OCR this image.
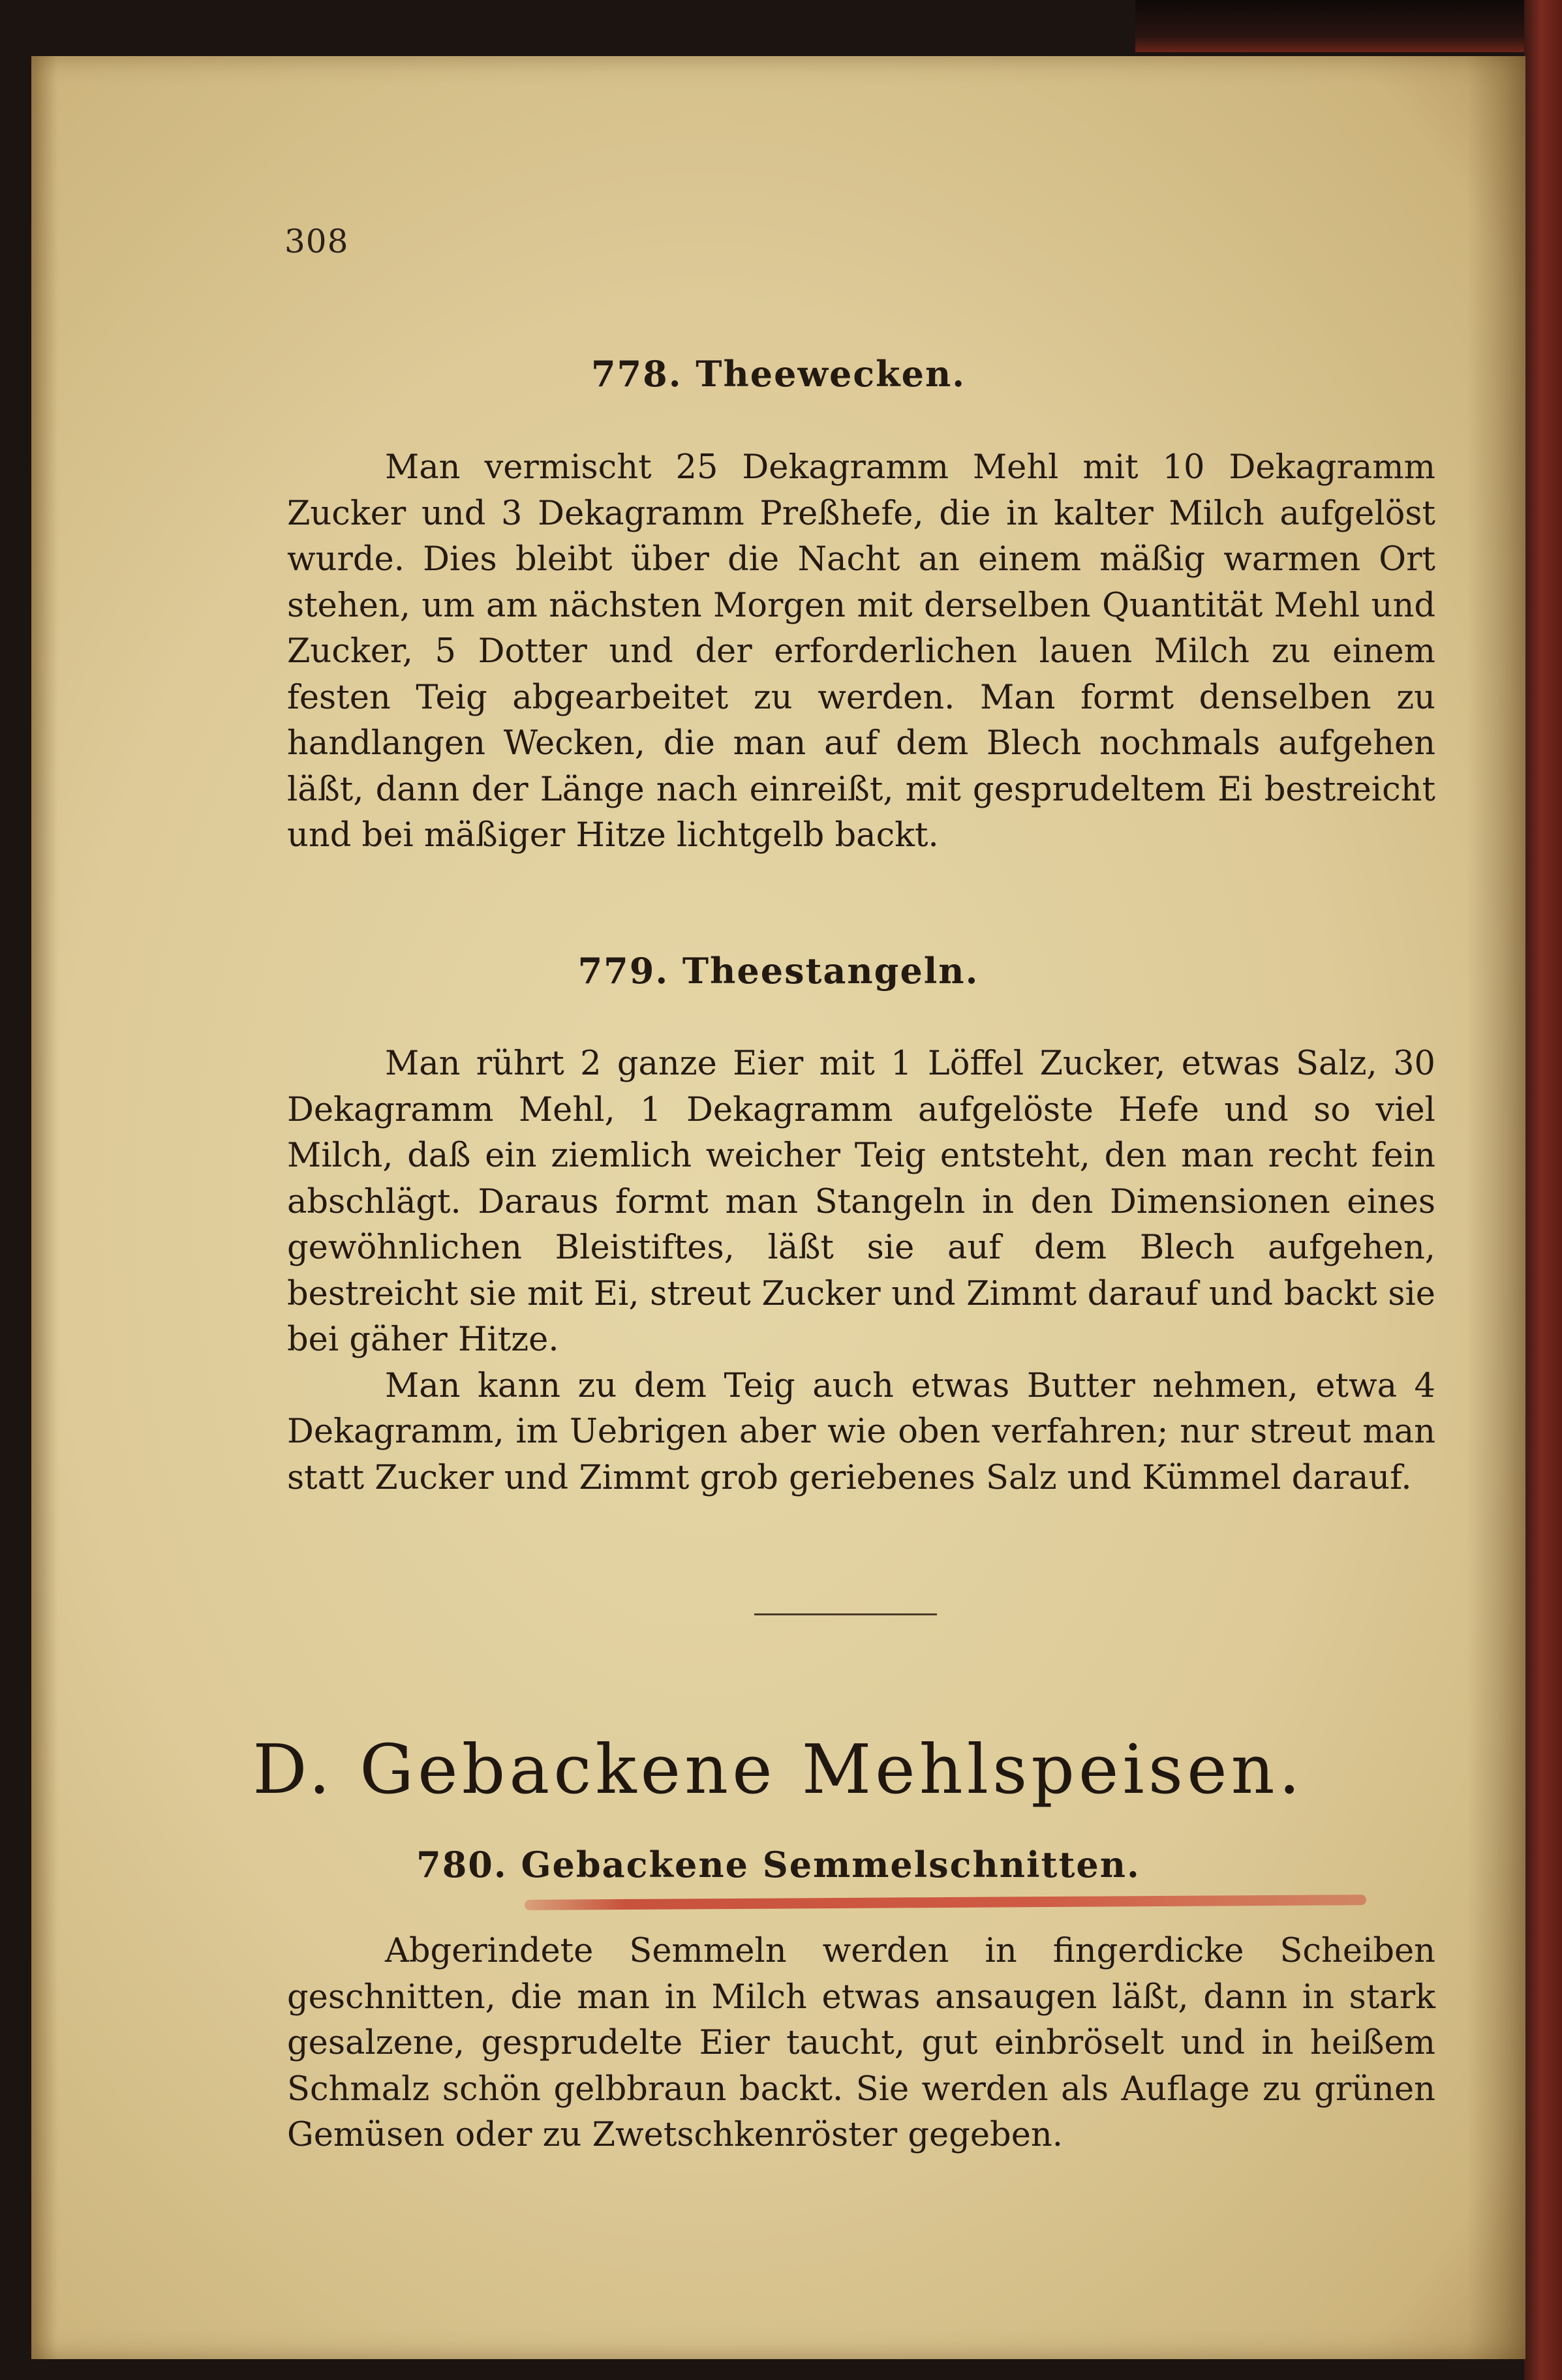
308
778. Theewecken.

Man vermischt 25 Dekagramm Mehl mit 10 Dekagramm Zucker und 3 Dekagramm Preßhefe, die in kalter Milch aufgelöst wurde. Dies bleibt über die Nacht an einem mäßig warmen Ort stehen, um am nächsten Morgen mit derselben Quantität Mehl und Zucker, 5 Dotter und der erforderlichen lauen Milch zu einem festen Teig abgearbeitet zu werden. Man formt denselben zu handlangen Wecken, die man auf dem Blech nochmals aufgehen läßt, dann der Länge nach einreißt, mit gesprudeltem Ei bestreicht und bei mäßiger Hitze lichtgelb backt.

779. Theestangeln.

Man rührt 2 ganze Eier mit 1 Löffel Zucker, etwas Salz, 30 Dekagramm Mehl, 1 Dekagramm aufgelöste Hefe und so viel Milch, daß ein ziemlich weicher Teig entsteht, den man recht fein abschlägt. Daraus formt man Stangeln in den Dimensionen eines gewöhnlichen Bleistiftes, läßt sie auf dem Blech aufgehen, bestreicht sie mit Ei, streut Zucker und Zimmt darauf und backt sie bei gäher Hitze.

Man kann zu dem Teig auch etwas Butter nehmen, etwa 4 Dekagramm, im Uebrigen aber wie oben verfahren; nur streut man statt Zucker und Zimmt grob geriebenes Salz und Kümmel darauf.

D. Gebackene Mehlspeisen.
780. Gebackene Semmelschnitten.

Abgerindete Semmeln werden in fingerdicke Scheiben geschnitten, die man in Milch etwas ansaugen läßt, dann in stark gesalzene, gesprudelte Eier taucht, gut einbröselt und in heißem Schmalz schön gelbbraun backt. Sie werden als Auflage zu grünen Gemüsen oder zu Zwetschkenröster gegeben.
